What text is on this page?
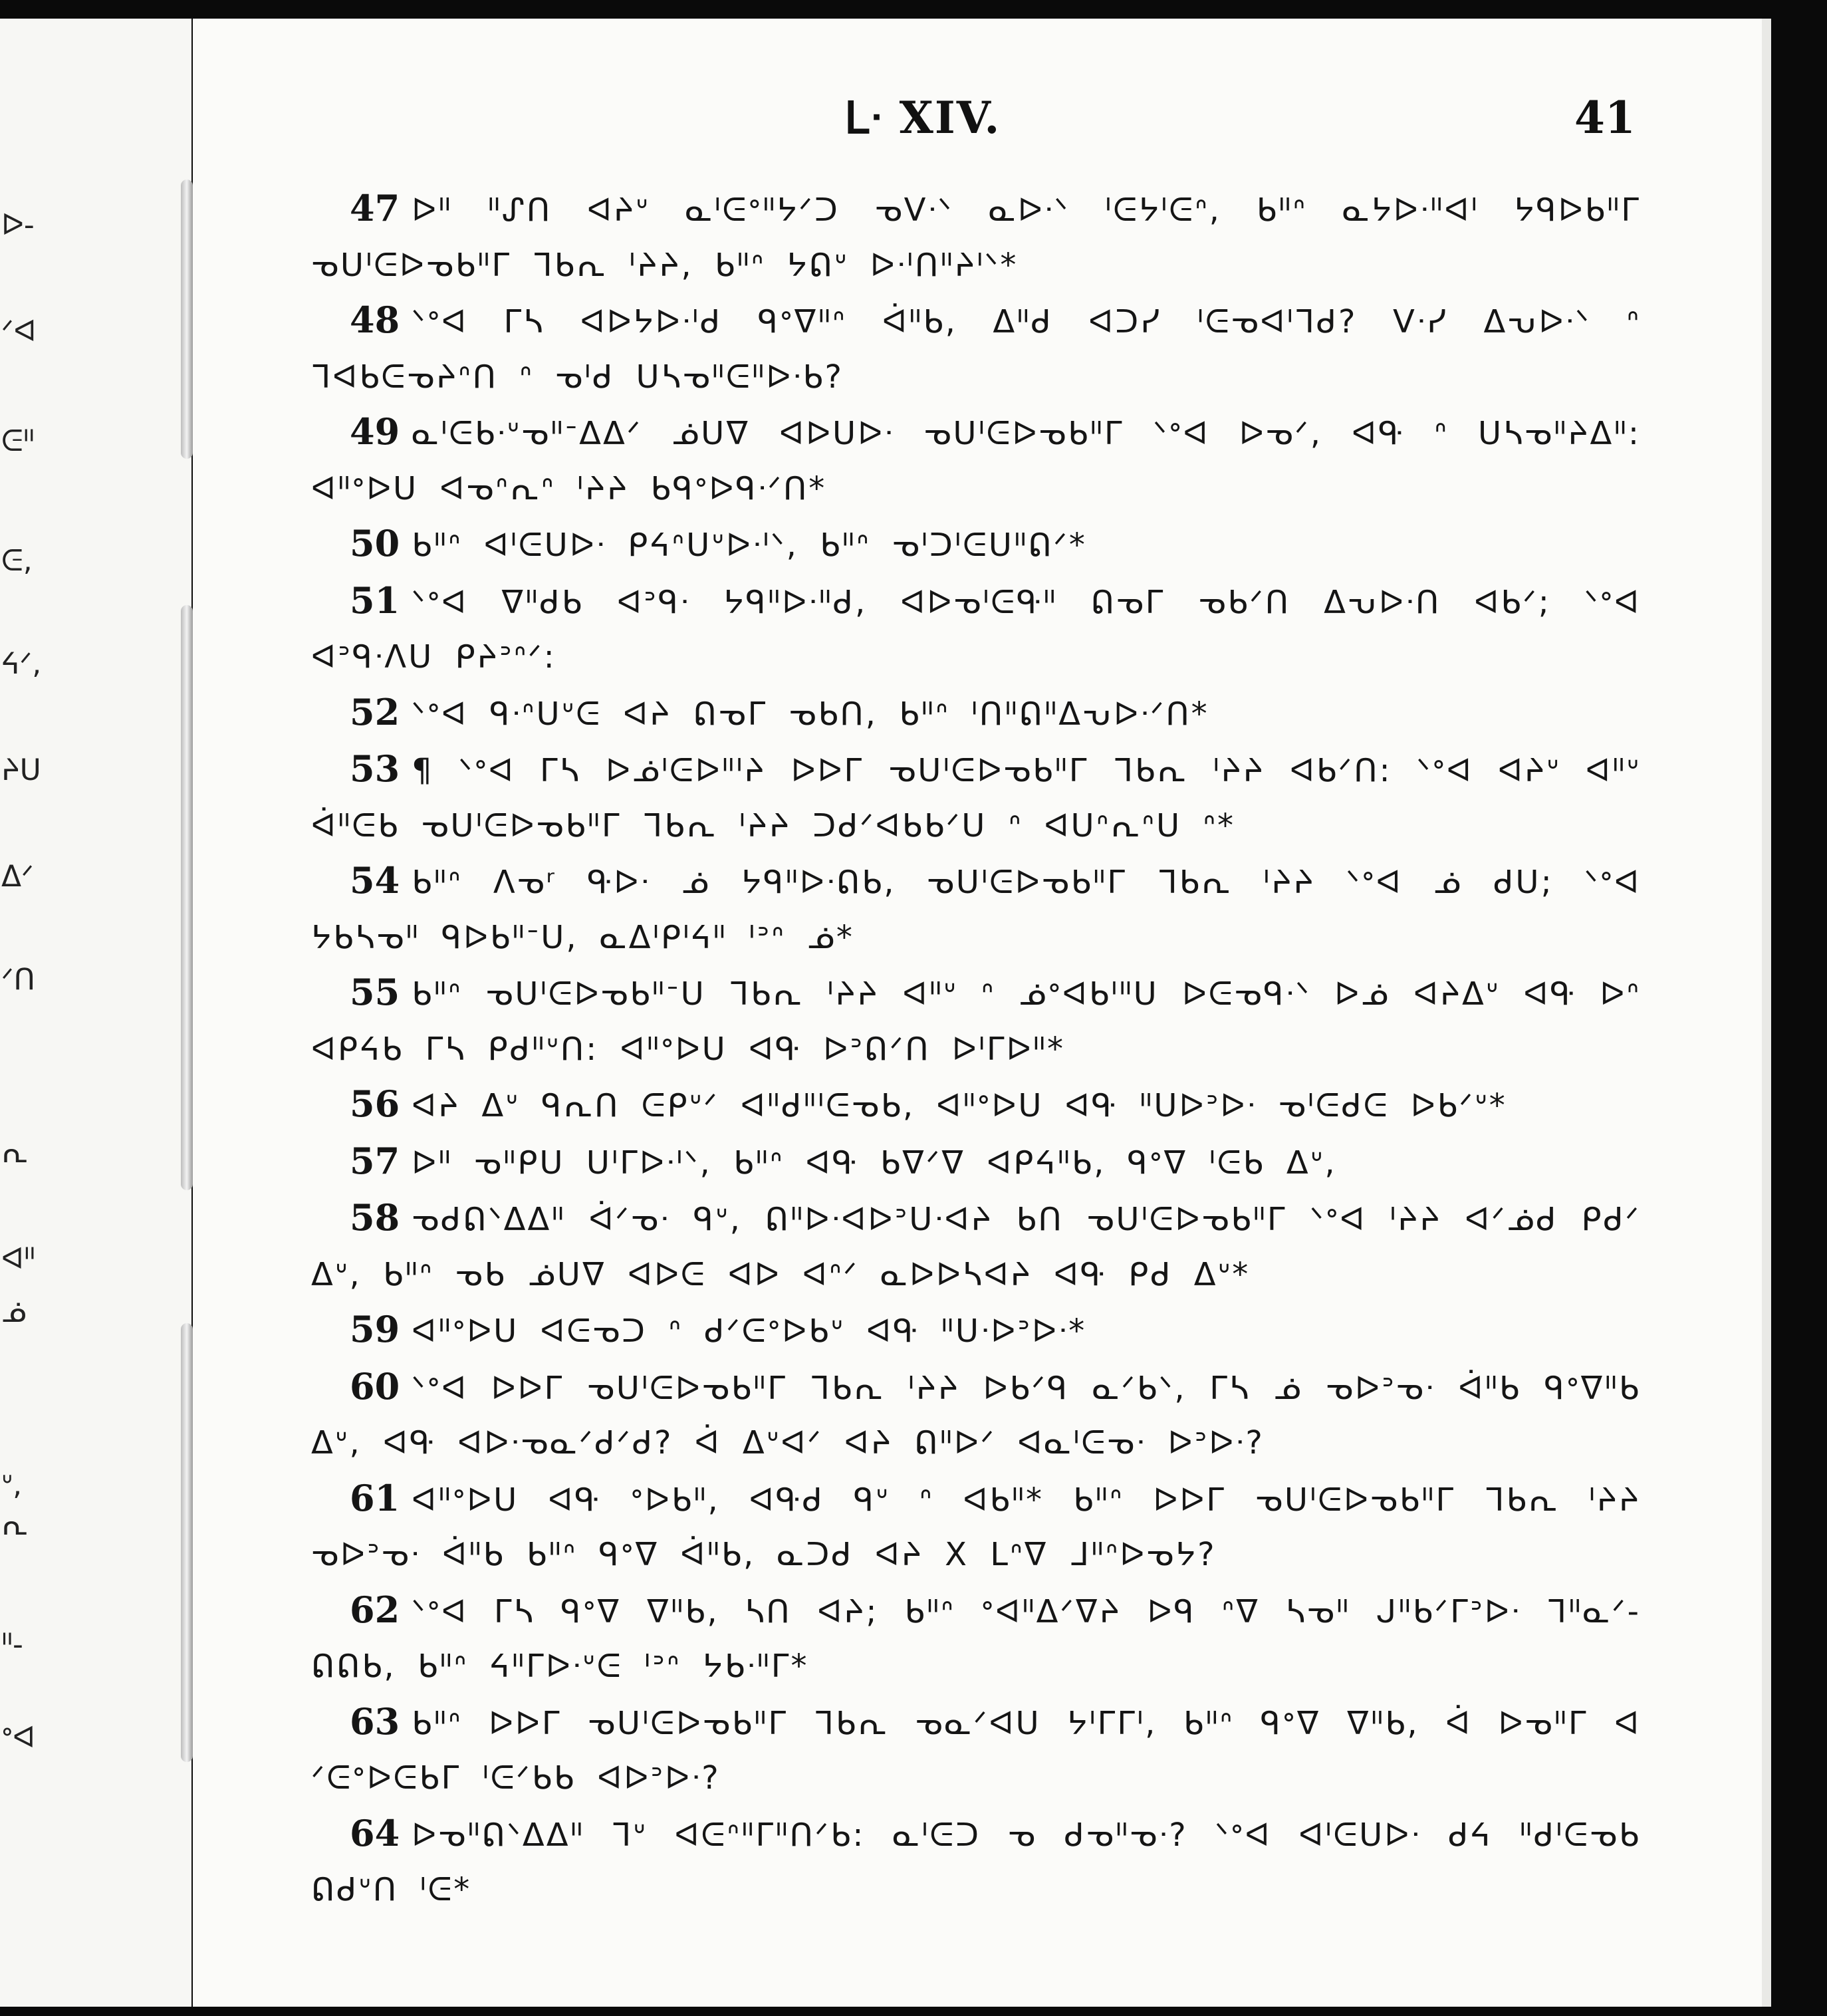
ᐅ-
ᐟᐊ
ᕮᐦ
ᕮ,
ᔦᐟ,
ᔨᑌ
ᐃᐟ
ᐟᑎ
ᕆ
ᐊᐦ
ᓅ
ᐡ,
ᕆ
ᐦ-
ᐤᐊ
ᒪᐧ XIV.	41

47 ᐅᐦ ᐦᔑᑎ ᐊᔨᐡ ᓇᑊᕮᐤᐦᔭᐟᑐ ᓀᐯᐧᐠ ᓇᐅᐧᐠ ᑊᕮᔭᑊᕮᐢ, ᑲᐦᐢ ᓇᔭᐅᐧᐦᐊᑊ ᔭᑫᐅᑲᐦᒥ ᓀᑌᑊᕮᐅᓀᑲᐦᒥ ᒣᑲᕆ ᑊᔨᔨ, ᑲᐦᐢ ᔭᕠᐡ ᐅᐧᑊᑎᐦᔨᑊᐠ*

48 ᐠᐤᐊ ᒥᓴ ᐊᐅᔭᐅᐧᑊᑯ ᑫᐤᐁᐦᐢ ᐋᐦᑲ, ᐃᐦᑯ ᐊᑐᓯ ᑊᕮᓀᐊᑊᒣᑯ? ᐯᐧᓯ ᐃᕃᐅᐧᐠ ᐢ ᒣᐊᑲᕮᓀᔨᐢᑎ ᐢ ᓀᑊᑯ ᑌᓴᓀᐦᕮᐦᐅᐧᑲ?

49 ᓇᑊᕮᑲᐧᐡᓀᐦᐨᐃᐃᐟ ᓅᑌᐁ ᐊᐅᑌᐅᐧ ᓀᑌᑊᕮᐅᓀᑲᐦᒥ ᐠᐤᐊ ᐅᓀᐟ, ᐊᑵ ᐢ ᑌᓴᓀᐦᔨᐃᐦ: ᐊᐦᐤᐅᑌ ᐊᓀᐢᕆᐢ ᑊᔨᔨ ᑲᑫᐤᐅᑫᐧᐟᑎ*

50 ᑲᐦᐢ ᐊᑊᕮᑌᐅᐧ ᑭᔦᐢᑌᐡᐅᐧᑊᐠ, ᑲᐦᐢ ᓀᑊᑐᑊᕮᑌᐦᕠᐟ*

51 ᐠᐤᐊ ᐁᐦᑯᑲ ᐊᐣᑫᐧ ᔭᑫᐦᐅᐧᐦᑯ, ᐊᐅᓀᑊᕮᑵᐦ ᕠᓀᒥ ᓀᑲᐟᑎ ᐃᕃᐅᐧᑎ ᐊᑲᐟ; ᐠᐤᐊ ᐊᐣᑫᐧᐱᑌ ᑭᔨᐣᐢᐟ:

52 ᐠᐤᐊ ᑫᐧᐢᑌᐡᕮ ᐊᔨ ᕠᓀᒥ ᓀᑲᑎ, ᑲᐦᐢ ᑊᑎᐦᕠᐦᐃᕃᐅᐧᐟᑎ*

53 ¶ ᐠᐤᐊ ᒥᓴ ᐅᓅᑊᕮᐅᐦᑊᔨ ᐅᐅᒥ ᓀᑌᑊᕮᐅᓀᑲᐦᒥ ᒣᑲᕆ ᑊᔨᔨ ᐊᑲᐟᑎ: ᐠᐤᐊ ᐊᔨᐡ ᐊᐦᐡ ᐋᐦᕮᑲ ᓀᑌᑊᕮᐅᓀᑲᐦᒥ ᒣᑲᕆ ᑊᔨᔨ ᑐᑯᐟᐊᑲᑲᐟᑌ ᐢ ᐊᑌᐢᕆᐢᑌ ᐢ*

54 ᑲᐦᐢ ᐱᓀʳ ᑵᐅᐧ ᓅ ᔭᑫᐦᐅᐧᕠᑲ, ᓀᑌᑊᕮᐅᓀᑲᐦᒥ ᒣᑲᕆ ᑊᔨᔨ ᐠᐤᐊ ᓅ ᑯᑌ; ᐠᐤᐊ ᔭᑲᓴᓀᐦ ᑫᐅᑲᐦᐨᑌ, ᓇᐃᑊᑭᑊᔦᐦ ᑊᐣᐢ ᓅ*

55 ᑲᐦᐢ ᓀᑌᑊᕮᐅᓀᑲᐦᐨᑌ ᒣᑲᕆ ᑊᔨᔨ ᐊᐦᐡ ᐢ ᓅᐤᐊᑲᑊᐦᑌ ᐅᕮᓀᑫᐧᐠ ᐅᓅ ᐊᔨᐃᐡ ᐊᑵ ᐅᐢ ᐊᑭᔦᑲ ᒥᓴ ᑭᑯᐦᐡᑎ: ᐊᐦᐤᐅᑌ ᐊᑵ ᐅᐣᕠᐟᑎ ᐅᑊᒥᐅᐦ*

56 ᐊᔨ ᐃᐡ ᑫᕆᑎ ᕮᑭᐡᐟ ᐊᐦᑯᐦᑊᕮᓀᑲ, ᐊᐦᐤᐅᑌ ᐊᑵ ᐦᑌᐅᐣᐅᐧ ᓀᑊᕮᑯᕮ ᐅᑲᐟᐡ*

57 ᐅᐦ ᓀᐦᑭᑌ ᑌᑊᒥᐅᐧᑊᐠ, ᑲᐦᐢ ᐊᑵ ᑲᐁᐟᐁ ᐊᑭᔦᐦᑲ, ᑫᐤᐁ ᑊᕮᑲ ᐃᐡ,

58 ᓀᑯᕠᐠᐃᐃᐦ ᐋᐟᓀᐧ ᑫᐡ, ᕠᐦᐅᐧᐊᐅᐣᑌᐧᐊᔨ ᑲᑎ ᓀᑌᑊᕮᐅᓀᑲᐦᒥ ᐠᐤᐊ ᑊᔨᔨ ᐊᐟᓅᑯ ᑭᑯᐟ ᐃᐡ, ᑲᐦᐢ ᓀᑲ ᓅᑌᐁ ᐊᐅᕮ ᐊᐅ ᐊᐢᐟ ᓇᐅᐅᓴᐊᔨ ᐊᑵ ᑭᑯ ᐃᐡ*

59 ᐊᐦᐤᐅᑌ ᐊᕮᓀᑐ ᐢ ᑯᐟᕮᐤᐅᑲᐡ ᐊᑵ ᐦᑌᐧᐅᐣᐅᐧ*

60 ᐠᐤᐊ ᐅᐅᒥ ᓀᑌᑊᕮᐅᓀᑲᐦᒥ ᒣᑲᕆ ᑊᔨᔨ ᐅᑲᐟᑫ ᓇᐟᑲᐠ, ᒥᓴ ᓅ ᓀᐅᐣᓀᐧ ᐋᐦᑲ ᑫᐤᐁᐦᑲ ᐃᐡ, ᐊᑵ ᐊᐅᐧᓀᓇᐟᑯᐟᑯ? ᐋ ᐃᐡᐊᐟ ᐊᔨ ᕠᐦᐅᐟ ᐊᓇᑊᕮᓀᐧ ᐅᐣᐅᐧ?

61 ᐊᐦᐤᐅᑌ ᐊᑵ ᐤᐅᑲᐦ, ᐊᑵᑯ ᑫᐡ ᐢ ᐊᑲᐦ* ᑲᐦᐢ ᐅᐅᒥ ᓀᑌᑊᕮᐅᓀᑲᐦᒥ ᒣᑲᕆ ᑊᔨᔨ ᓀᐅᐣᓀᐧ ᐋᐦᑲ ᑲᐦᐢ ᑫᐤᐁ ᐋᐦᑲ, ᓇᑐᑯ ᐊᔨ X ᒪᐢᐁ ᒧᐦᐢᐅᓀᔭ?

62 ᐠᐤᐊ ᒥᓴ ᑫᐤᐁ ᐁᐦᑲ, ᓴᑎ ᐊᔨ; ᑲᐦᐢ ᐤᐊᐦᐃᐟᐁᔨ ᐅᑫ ᐢᐁ ᓴᓀᐦ ᒍᐦᑲᐟᒥᐣᐅᐧ ᒣᐦᓇᐟ-ᕠᕠᑲ, ᑲᐦᐢ ᔦᐦᒥᐅᐧᐡᕮ ᑊᐣᐢ ᔭᑲᐧᐦᒥ*

63 ᑲᐦᐢ ᐅᐅᒥ ᓀᑌᑊᕮᐅᓀᑲᐦᒥ ᒣᑲᕆ ᓀᓇᐟᐊᑌ ᔭᑊᒥᒥᑊ, ᑲᐦᐢ ᑫᐤᐁ ᐁᐦᑲ, ᐋ ᐅᓀᐦᒥ ᐊ ᐟᕮᐤᐅᕮᑲᒥ ᑊᕮᐟᑲᑲ ᐊᐅᐣᐅᐧ?

64 ᐅᓀᐦᕠᐠᐃᐃᐦ ᒣᐡ ᐊᕮᐢᐦᒥᐦᑎᐟᑲ: ᓇᑊᕮᑐ ᓀ ᑯᓀᐦᓀᐧ? ᐠᐤᐊ ᐊᑊᕮᑌᐅᐧ ᑯᔦ ᐦᑯᑊᕮᓀᑲ ᕠᑯᐡᑎ ᑊᕮ*
